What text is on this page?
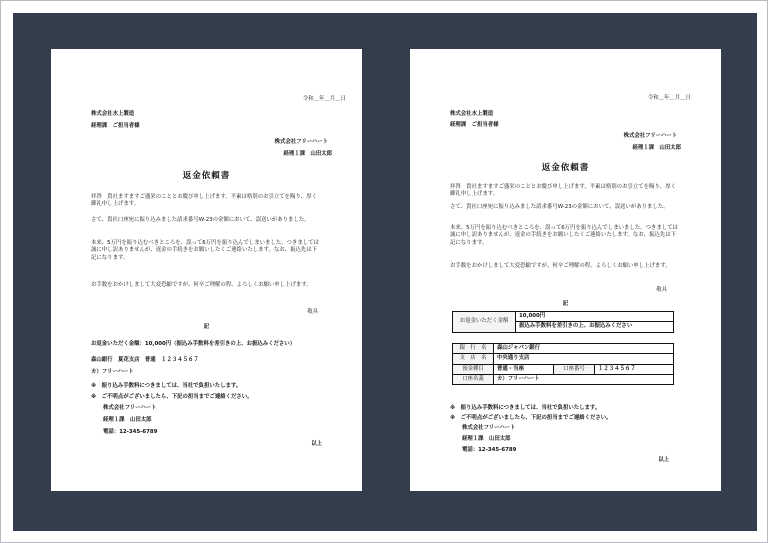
令和＿年＿月＿日
株式会社水上製造
経理課　ご担当者様
株式会社フリーハート
経理１課　山田太郎
返金依頼書
拝啓　貴社ますますご盛栄のこととお慶び申し上げます。平素は格別のお引立てを賜り、厚く御礼申し上げます。
さて、貴社口座宛に振り込みました請求番号W-23の金額において、誤送いがありました。
本来、5万円を振り込むべきところを、誤って6万円を振り込んでしまいました。つきましては誠に申し訳ありませんが、返金の手続きをお願いしたくご連絡いたします。なお、振込先は下記になります。
お手数をおかけしまして大変恐縮ですが、何卒ご理解の程、よろしくお願い申し上げます。
敬具
記
お返金いただく金額：10,000円（振込み手数料を差引きの上、お振込みください）
森山銀行　夏花支店　普通　１２３４５６７
カ）フリーハート
※　振り込み手数料につきましては、当社で負担いたします。
※　ご不明点がございましたら、下記の担当までご連絡ください。
株式会社フリーハート
経理１課　山田太郎
電話：12-345-6789
以上
令和＿年＿月＿日
株式会社水上製造
経理課　ご担当者様
株式会社フリーハート
経理１課　山田太郎
返金依頼書
拝啓　貴社ますますご盛栄のこととお慶び申し上げます。平素は格別のお引立てを賜り、厚く御礼申し上げます。
さて、貴社口座宛に振り込みました請求番号W-23の金額において、誤送いがありました。
本来、5万円を振り込むべきところを、誤って6万円を振り込んでしまいました。つきましては誠に申し訳ありませんが、返金の手続きをお願いしたくご連絡いたします。なお、振込先は下記になります。
お手数をおかけしまして大変恐縮ですが、何卒ご理解の程、よろしくお願い申し上げます。
敬具
記
お返金いただく金額	10,000円
振込み手数料を差引きの上、お振込みください
銀　行　名	森山ジャパン銀行		
支　店　名	中央通り支店		
預金種目	普通・当座	口座番号	１２３４５６７
口座名義	カ）フリーハート		
※　振り込み手数料につきましては、当社で負担いたします。
※　ご不明点がございましたら、下記の担当までご連絡ください。
株式会社フリーハート
経理１課　山田太郎
電話：12-345-6789
以上
